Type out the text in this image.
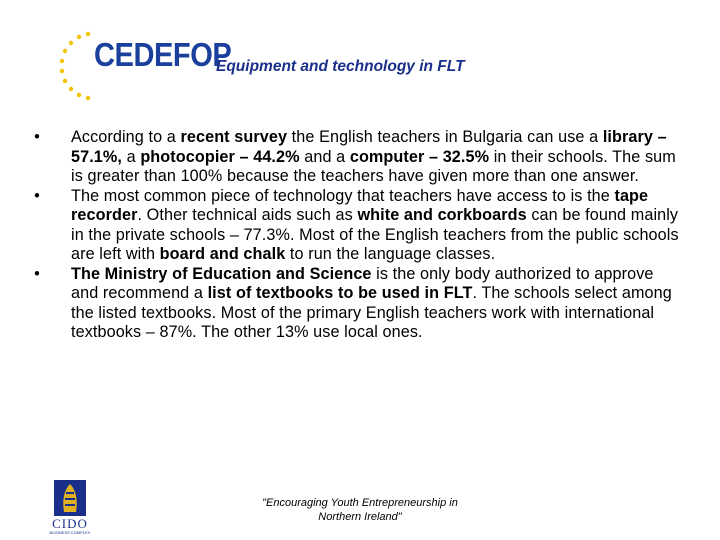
CEDEFOP
Equipment and technology in FLT
• According to a recent survey the English teachers in Bulgaria can use a library – 57.1%, a photocopier – 44.2% and a computer – 32.5% in their schools. The sum is greater than 100% because the teachers have given more than one answer.
• The most common piece of technology that teachers have access to is the tape recorder. Other technical aids such as white and corkboards can be found mainly in the private schools – 77.3%. Most of the English teachers from the public schools are left with board and chalk to run the language classes.
• The Ministry of Education and Science is the only body authorized to approve and recommend a list of textbooks to be used in FLT. The schools select among the listed textbooks. Most of the primary English teachers work with international textbooks – 87%. The other 13% use local ones.
CIDO
BUSINESS COMPLEX
"Encouraging Youth Entrepreneurship in
Northern Ireland"
